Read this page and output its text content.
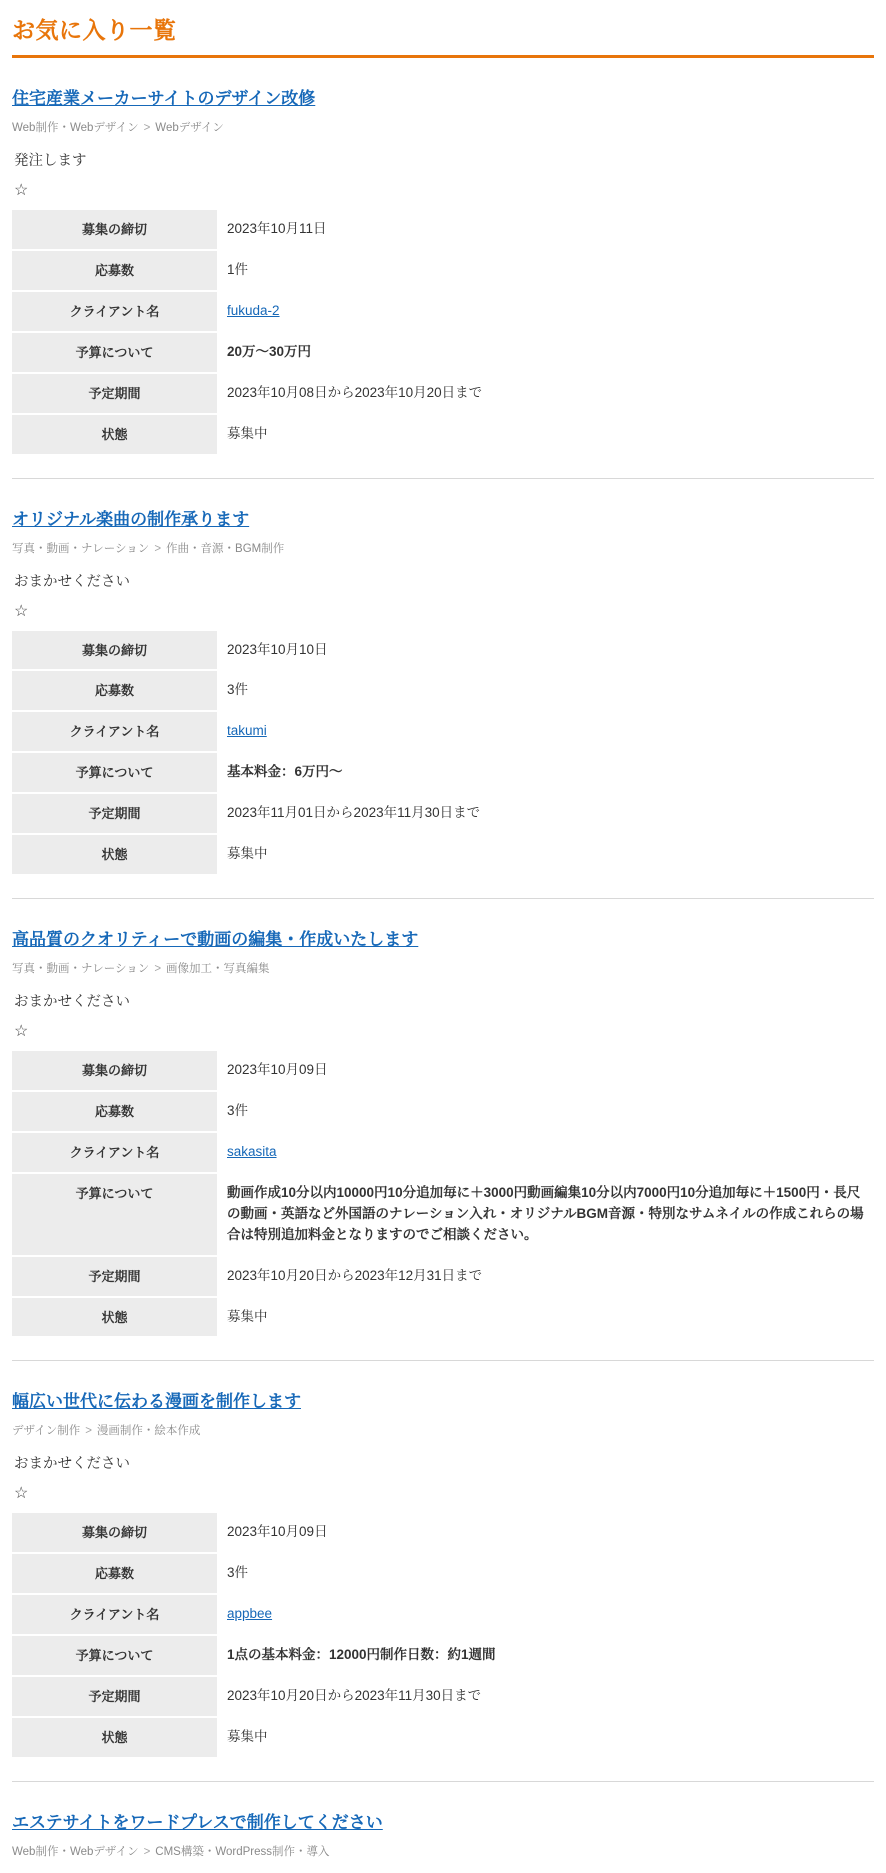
お気に入り一覧
住宅産業メーカーサイトのデザイン改修
Web制作・Webデザイン > Webデザイン
発注します
☆
募集の締切	2023年10月11日
応募数	1件
クライアント名	fukuda-2
予算について	20万〜30万円
予定期間	2023年10月08日から2023年10月20日まで
状態	募集中
オリジナル楽曲の制作承ります
写真・動画・ナレーション > 作曲・音源・BGM制作
おまかせください
☆
募集の締切	2023年10月10日
応募数	3件
クライアント名	takumi
予算について	基本料金：6万円〜
予定期間	2023年11月01日から2023年11月30日まで
状態	募集中
高品質のクオリティーで動画の編集・作成いたします
写真・動画・ナレーション > 画像加工・写真編集
おまかせください
☆
募集の締切	2023年10月09日
応募数	3件
クライアント名	sakasita
予算について	動画作成10分以内10000円10分追加毎に＋3000円動画編集10分以内7000円10分追加毎に＋1500円・長尺の動画・英語など外国語のナレーション入れ・オリジナルBGM音源・特別なサムネイルの作成これらの場合は特別追加料金となりますのでご相談ください。
予定期間	2023年10月20日から2023年12月31日まで
状態	募集中
幅広い世代に伝わる漫画を制作します
デザイン制作 > 漫画制作・絵本作成
おまかせください
☆
募集の締切	2023年10月09日
応募数	3件
クライアント名	appbee
予算について	1点の基本料金：12000円制作日数：約1週間
予定期間	2023年10月20日から2023年11月30日まで
状態	募集中
エステサイトをワードプレスで制作してください
Web制作・Webデザイン > CMS構築・WordPress制作・導入
